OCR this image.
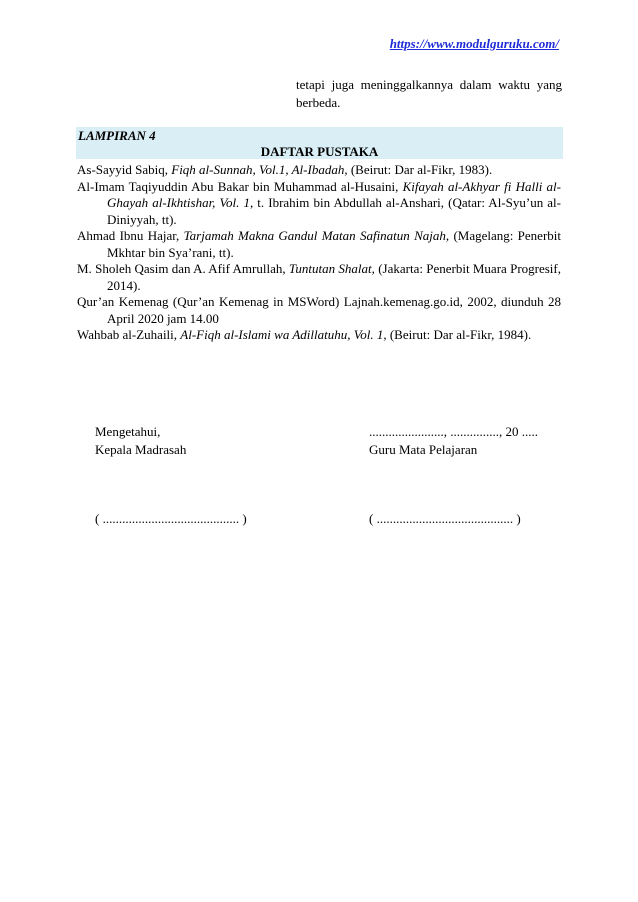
https://www.modulguruku.com/
tetapi juga meninggalkannya dalam waktu yang berbeda.
LAMPIRAN 4
DAFTAR PUSTAKA

As-Sayyid Sabiq, Fiqh al-Sunnah, Vol.1, Al-Ibadah, (Beirut: Dar al-Fikr, 1983).

Al-Imam Taqiyuddin Abu Bakar bin Muhammad al-Husaini, Kifayah al-Akhyar fi Halli al-Ghayah al-Ikhtishar, Vol. 1, t. Ibrahim bin Abdullah al-Anshari, (Qatar: Al-Syu’un al-Diniyyah, tt).

Ahmad Ibnu Hajar, Tarjamah Makna Gandul Matan Safinatun Najah, (Magelang: Penerbit Mkhtar bin Sya’rani, tt).

M. Sholeh Qasim dan A. Afif Amrullah, Tuntutan Shalat, (Jakarta: Penerbit Muara Progresif, 2014).

Qur’an Kemenag (Qur’an Kemenag in MSWord) Lajnah.kemenag.go.id, 2002, diunduh 28 April 2020 jam 14.00

Wahbab al-Zuhaili, Al-Fiqh al-Islami wa Adillatuhu, Vol. 1, (Beirut: Dar al-Fikr, 1984).

Mengetahui,
Kepala Madrasah
......................., ..............., 20 .....
Guru Mata Pelajaran
( .......................................... )	( .......................................... )
